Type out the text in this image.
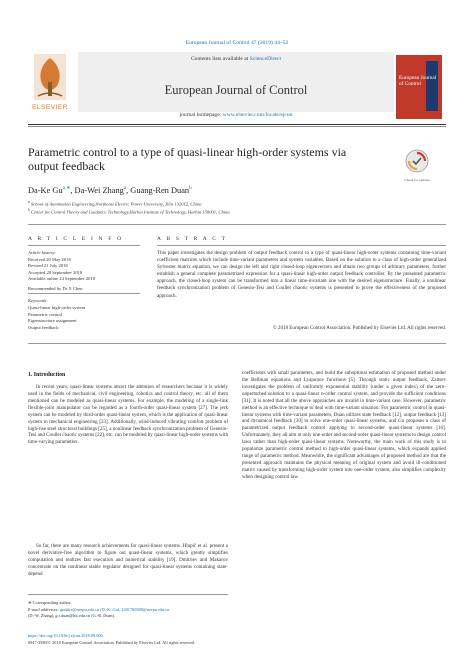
European Journal of Control 47 (2019) 44–52
Contents lists available at ScienceDirect
European Journal of Control
journal homepage: www.elsevier.com/locate/ejcon
ELSEVIER
European Journal of Control
Parametric control to a type of quasi-linear high-order systems via output feedback
Check for updates
Da-Ke $Gu^{a,∗}$, Da-Wei Zhang$^a$, Guang-Ren Duan$^b$
$^a$ School of Automation Engineering,Northeast Electric Power University, Jilin 132012, China
$^b$ Center for Control Theory and Guidance Technology,Harbin Institute of Technology, Harbin 150001, China
A R T I C L E I N F O
Article history:
Received 20 May 2018
Revised 21 July 2018
Accepted 20 September 2018
Available online 24 September 2018
Recommended by Dr X Chen
Keywords:
Quasi-linear high-order system
Parametric control
Eigenstructure assignment
Output feedback
A B S T R A C T
This paper investigates the design problem of output feedback control to a type of quasi-linear high-order systems containing time-variant coefficient matrices which include time-variant parameters and system variables. Based on the solution to a class of high-order generalized Sylvester matrix equation, we can design the left and right closed-loop eigenvectors and obtain two groups of arbitrary parameters, further establish a general complete parametrized expression for a quasi-linear high-order output feedback controller. By the presented parametric approach, the closed-loop system can be transformed into a linear time-invariant one with the desired eigenstructure. Finally, a nonlinear feedback synchronization problem of Genesio-Tesi and Coullet chaotic systems is presented to prove the effectiveness of the proposed approach.
© 2018 European Control Association. Published by Elsevier Ltd. All rights reserved.
1. Introduction
In recent years, quasi-linear systems attract the attention of researchers because it is widely used in the fields of mechanical, civil engineering, robotics and control theory, etc. all of them mentioned can be modeled as quasi-linear systems. For example, the modeling of a single-link flexible-joint manipulator can be regarded as a fourth-order quasi-linear system [27]. The jerk system can be modeled by third-order quasi-linear system, which is the application of quasi-linear system in mechanical engineering [23]. Additionally, wind-induced vibrating comfort problem of high-rise steel structural buildings [25], a nonlinear feedback synchronization problem of Genesio-Tesi and Coullet chaotic systems [22], etc. can be modeled by quasi-linear high-order systems with time-varying parameters.
So far, there are many research achievements for quasi-linear systems. Hlupič et al. present a novel derivative-free algorithm to figure out quasi-linear systems, which greatly simplifies computation and realizes fast execution and numerical stability [19]. Dmitriev and Makarov concentrate on the nonlinear stable regulator designed for quasi-linear systems containing state-depend
coefficients with small parameters, and build the suboptimal estimation of proposed method under the Bellman equations and Lyapunov functions [5]. Through static output feedback, Zaitsev investigates the problem of uniformly exponential stability (under a given index) of the zero-unperturbed solution to a quasi-linear n-order control system, and provide the sufficient conditions [31]. It is noted that all the above approaches are invalid in time-variant case. However, parametric method is an effective technique to deal with time-variant situation. For parametric control in quasi-linear systems with time-variant parameters, Duan utilizes state feedback [12], output feedback [13] and dynamical feedback [30] to solve one-order quasi-linear systems, and Gu proposes a class of parametrized output feedback control applying to second-order quasi-linear systems [16]. Unfortunately, they all aim at only one-order and second-order quasi-linear systems to design control laws rather than high-order quasi-linear systems. Noteworthy, the main work of this study is to popularize parametric control method to high-order quasi-linear systems, which expands applied range of parametric method. Meanwhile, the significant advantages of proposed method are that the presented approach maintains the physical meaning of original system and avoid ill-conditioned matrix caused by transforming high-order system into one-order system, also simplifies complexity when designing control law.
∗ Corresponding author.
E-mail addresses: gudake@neepu.edu.cn (D.-K. Gu), 2201700388@neepu.edu.cn
(D.-W. Zhang), g.r.duan@hit.edu.cn (G.-R. Duan).
https://doi.org/10.1016/j.ejcon.2018.09.006
0947-3580/© 2018 European Control Association. Published by Elsevier Ltd. All rights reserved.
